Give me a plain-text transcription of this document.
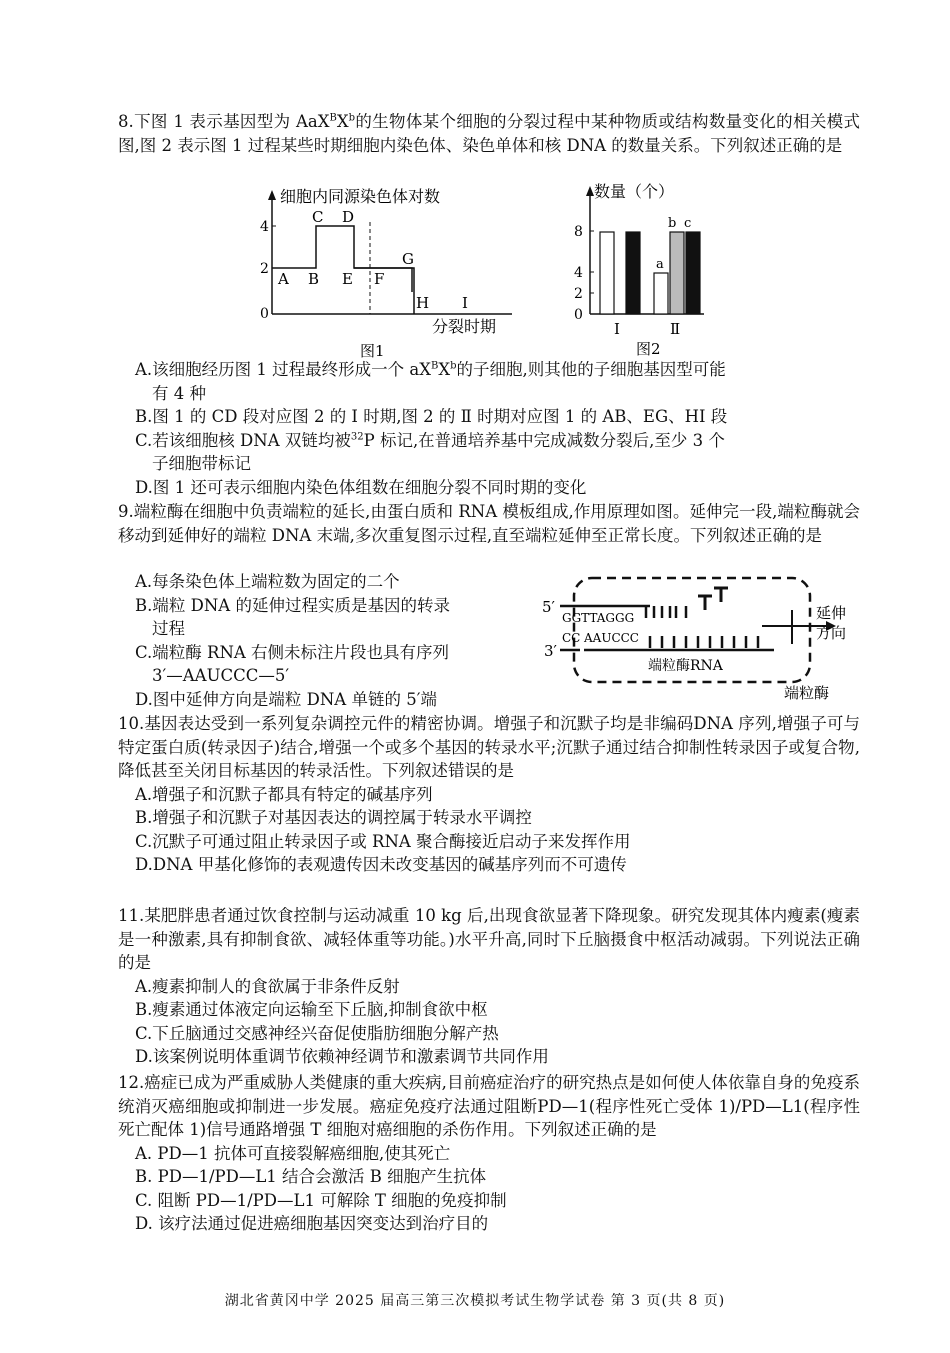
8.下图 1 表示基因型为 $AaX^BX^b$的生物体某个细胞的分裂过程中某种物质或结构数量变化的相关模式图,图 2 表示图 1 过程某些时期细胞内染色体、染色单体和核 DNA 的数量关系。下列叙述正确的是

细胞内同源染色体对数
4
2
0
A B
C D
E F
G
H I
分裂时期
图1
数量（个）
8
4
2
0
a
b c
Ⅰ	Ⅱ
图2

A.该细胞经历图 1 过程最终形成一个 $aX^BX^b$的子细胞,则其他的子细胞基因型可能

有 4 种

B.图 1 的 CD 段对应图 2 的 Ⅰ 时期,图 2 的 Ⅱ 时期对应图 1 的 AB、EG、HI 段

C.若该细胞核 DNA 双链均被$^{32}$P 标记,在普通培养基中完成减数分裂后,至少 3 个

子细胞带标记

D.图 1 还可表示细胞内染色体组数在细胞分裂不同时期的变化

9.端粒酶在细胞中负责端粒的延长,由蛋白质和 RNA 模板组成,作用原理如图。延伸完一段,端粒酶就会移动到延伸好的端粒 DNA 末端,多次重复图示过程,直至端粒延伸至正常长度。下列叙述正确的是

A.每条染色体上端粒数为固定的二个

B.端粒 DNA 的延伸过程实质是基因的转录

过程

C.端粒酶 RNA 右侧未标注片段也具有序列

3′—AAUCCC—5′

D.图中延伸方向是端粒 DNA 单链的 5′端

5′
3′
GGTTAGGG
CC AAUCCC
端粒酶RNA
延伸
方向
端粒酶

10.基因表达受到一系列复杂调控元件的精密协调。增强子和沉默子均是非编码DNA 序列,增强子可与特定蛋白质(转录因子)结合,增强一个或多个基因的转录水平;沉默子通过结合抑制性转录因子或复合物,降低甚至关闭目标基因的转录活性。下列叙述错误的是

A.增强子和沉默子都具有特定的碱基序列

B.增强子和沉默子对基因表达的调控属于转录水平调控

C.沉默子可通过阻止转录因子或 RNA 聚合酶接近启动子来发挥作用

D.DNA 甲基化修饰的表观遗传因未改变基因的碱基序列而不可遗传

11.某肥胖患者通过饮食控制与运动减重 10 kg 后,出现食欲显著下降现象。研究发现其体内瘦素(瘦素是一种激素,具有抑制食欲、减轻体重等功能。)水平升高,同时下丘脑摄食中枢活动减弱。下列说法正确的是

A.瘦素抑制人的食欲属于非条件反射

B.瘦素通过体液定向运输至下丘脑,抑制食欲中枢

C.下丘脑通过交感神经兴奋促使脂肪细胞分解产热

D.该案例说明体重调节依赖神经调节和激素调节共同作用

12.癌症已成为严重威胁人类健康的重大疾病,目前癌症治疗的研究热点是如何使人体依靠自身的免疫系统消灭癌细胞或抑制进一步发展。癌症免疫疗法通过阻断PD—1(程序性死亡受体 1)/PD—L1(程序性死亡配体 1)信号通路增强 T 细胞对癌细胞的杀伤作用。下列叙述正确的是

A. PD—1 抗体可直接裂解癌细胞,使其死亡

B. PD—1/PD—L1 结合会激活 B 细胞产生抗体

C. 阻断 PD—1/PD—L1 可解除 T 细胞的免疫抑制

D. 该疗法通过促进癌细胞基因突变达到治疗目的

湖北省黄冈中学 2025 届高三第三次模拟考试生物学试卷 第 3 页(共 8 页)
